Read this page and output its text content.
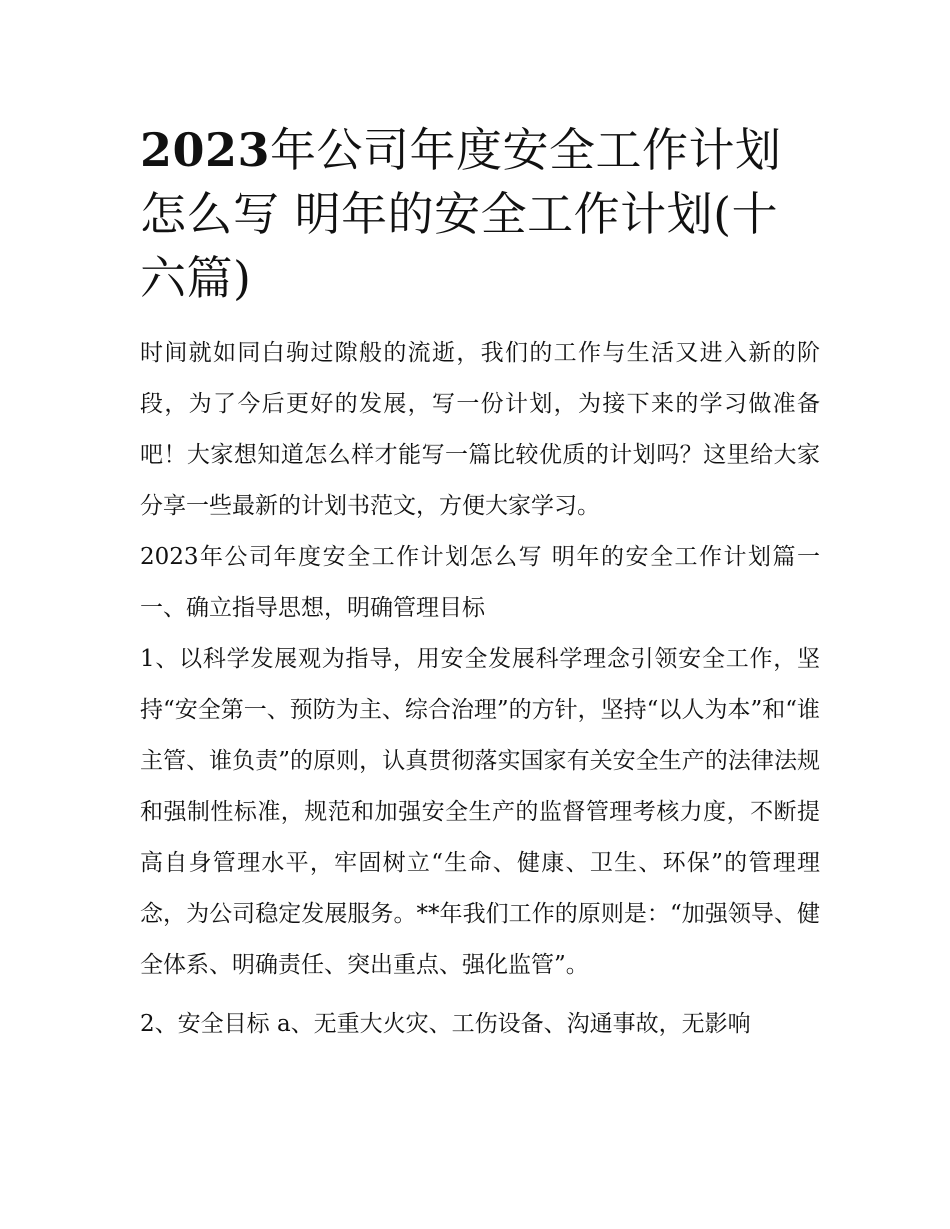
2023年公司年度安全工作计划怎么写 明年的安全工作计划(十六篇)

时间就如同白驹过隙般的流逝，我们的工作与生活又进入新的阶段，为了今后更好的发展，写一份计划，为接下来的学习做准备吧！大家想知道怎么样才能写一篇比较优质的计划吗？这里给大家分享一些最新的计划书范文，方便大家学习。

2023年公司年度安全工作计划怎么写 明年的安全工作计划篇一 一、确立指导思想，明确管理目标

1、以科学发展观为指导，用安全发展科学理念引领安全工作，坚持“安全第一、预防为主、综合治理”的方针，坚持“以人为本”和“谁主管、谁负责”的原则，认真贯彻落实国家有关安全生产的法律法规和强制性标准，规范和加强安全生产的监督管理考核力度，不断提高自身管理水平，牢固树立“生命、健康、卫生、环保”的管理理念，为公司稳定发展服务。**年我们工作的原则是：“加强领导、健全体系、明确责任、突出重点、强化监管”。

2、安全目标 a、无重大火灾、工伤设备、沟通事故，无影响
